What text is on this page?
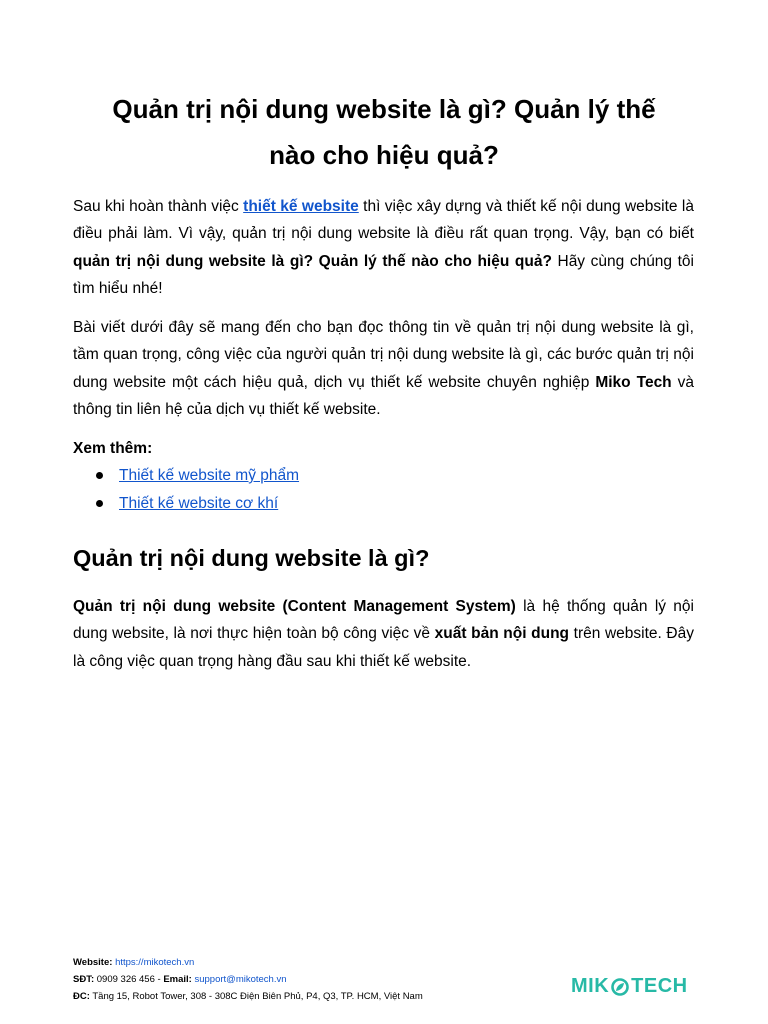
Quản trị nội dung website là gì? Quản lý thế
nào cho hiệu quả?

Sau khi hoàn thành việc thiết kế website thì việc xây dựng và thiết kế nội dung website là điều phải làm. Vì vậy, quản trị nội dung website là điều rất quan trọng. Vậy, bạn có biết quản trị nội dung website là gì? Quản lý thế nào cho hiệu quả? Hãy cùng chúng tôi tìm hiểu nhé!

Bài viết dưới đây sẽ mang đến cho bạn đọc thông tin về quản trị nội dung website là gì, tầm quan trọng, công việc của người quản trị nội dung website là gì, các bước quản trị nội dung website một cách hiệu quả, dịch vụ thiết kế website chuyên nghiệp Miko Tech và thông tin liên hệ của dịch vụ thiết kế website.

Xem thêm:
Thiết kế website mỹ phẩm
Thiết kế website cơ khí
Quản trị nội dung website là gì?

Quản trị nội dung website (Content Management System) là hệ thống quản lý nội dung website, là nơi thực hiện toàn bộ công việc về xuất bản nội dung trên website. Đây là công việc quan trọng hàng đầu sau khi thiết kế website.

Website: https://mikotech.vn
SĐT: 0909 326 456 - Email: support@mikotech.vn
ĐC: Tầng 15, Robot Tower, 308 - 308C Điện Biên Phủ, P4, Q3, TP. HCM, Việt Nam	MIK TECH
